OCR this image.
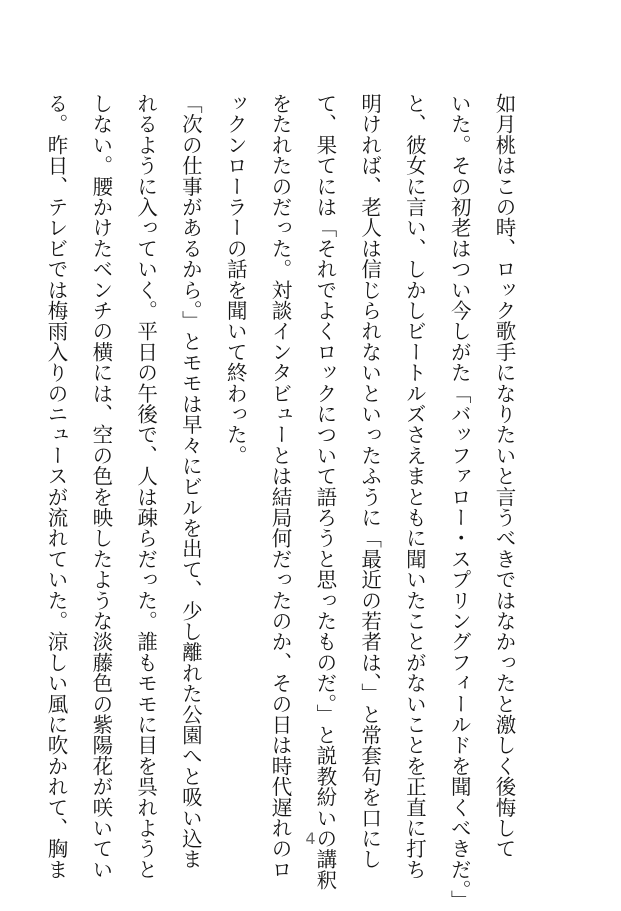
如月桃はこの時、ロック歌手になりたいと言うべきではなかったと激しく後悔して
いた。その初老はつい今しがた「バッファロー・スプリングフィールドを聞くべきだ。」
と、彼女に言い、しかしビートルズさえまともに聞いたことがないことを正直に打ち
明ければ、老人は信じられないといったふうに「最近の若者は、」と常套句を口にし
て、果てには「それでよくロックについて語ろうと思ったものだ。」と説教紛いの講釈
をたれたのだった。対談インタビューとは結局何だったのか、その日は時代遅れのロ
ックンローラーの話を聞いて終わった。
「次の仕事があるから。」とモモは早々にビルを出て、少し離れた公園へと吸い込ま
れるように入っていく。平日の午後で、人は疎らだった。誰もモモに目を呉れようと
しない。腰かけたベンチの横には、空の色を映したような淡藤色の紫陽花が咲いてい
る。昨日、テレビでは梅雨入りのニュースが流れていた。涼しい風に吹かれて、胸ま	4
